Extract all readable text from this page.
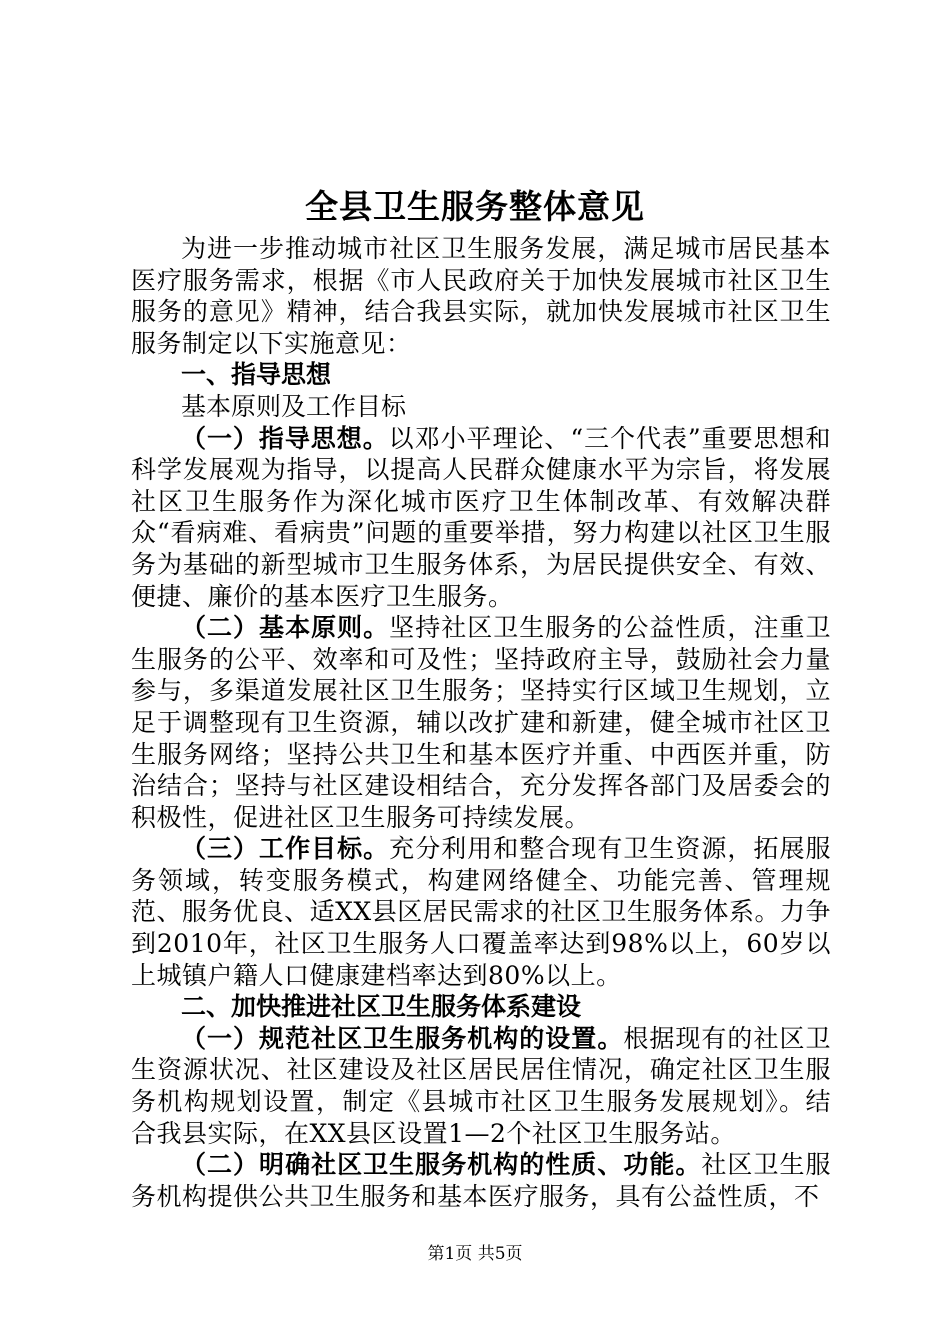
全县卫生服务整体意见

为进一步推动城市社区卫生服务发展，满足城市居民基本医疗服务需求，根据《市人民政府关于加快发展城市社区卫生服务的意见》精神，结合我县实际，就加快发展城市社区卫生服务制定以下实施意见：

一、指导思想

基本原则及工作目标

（一）指导思想。以邓小平理论、“三个代表”重要思想和科学发展观为指导，以提高人民群众健康水平为宗旨，将发展社区卫生服务作为深化城市医疗卫生体制改革、有效解决群众“看病难、看病贵”问题的重要举措，努力构建以社区卫生服务为基础的新型城市卫生服务体系，为居民提供安全、有效、便捷、廉价的基本医疗卫生服务。

（二）基本原则。坚持社区卫生服务的公益性质，注重卫生服务的公平、效率和可及性；坚持政府主导，鼓励社会力量参与，多渠道发展社区卫生服务；坚持实行区域卫生规划，立足于调整现有卫生资源，辅以改扩建和新建，健全城市社区卫生服务网络；坚持公共卫生和基本医疗并重、中西医并重，防治结合；坚持与社区建设相结合，充分发挥各部门及居委会的积极性，促进社区卫生服务可持续发展。

（三）工作目标。充分利用和整合现有卫生资源，拓展服务领域，转变服务模式，构建网络健全、功能完善、管理规范、服务优良、适XX县区居民需求的社区卫生服务体系。力争到2010年，社区卫生服务人口覆盖率达到98%以上，60岁以上城镇户籍人口健康建档率达到80%以上。

二、加快推进社区卫生服务体系建设

（一）规范社区卫生服务机构的设置。根据现有的社区卫生资源状况、社区建设及社区居民居住情况，确定社区卫生服务机构规划设置，制定《县城市社区卫生服务发展规划》。结合我县实际，在XX县区设置1—2个社区卫生服务站。

（二）明确社区卫生服务机构的性质、功能。社区卫生服务机构提供公共卫生服务和基本医疗服务，具有公益性质，不

第1页 共5页
